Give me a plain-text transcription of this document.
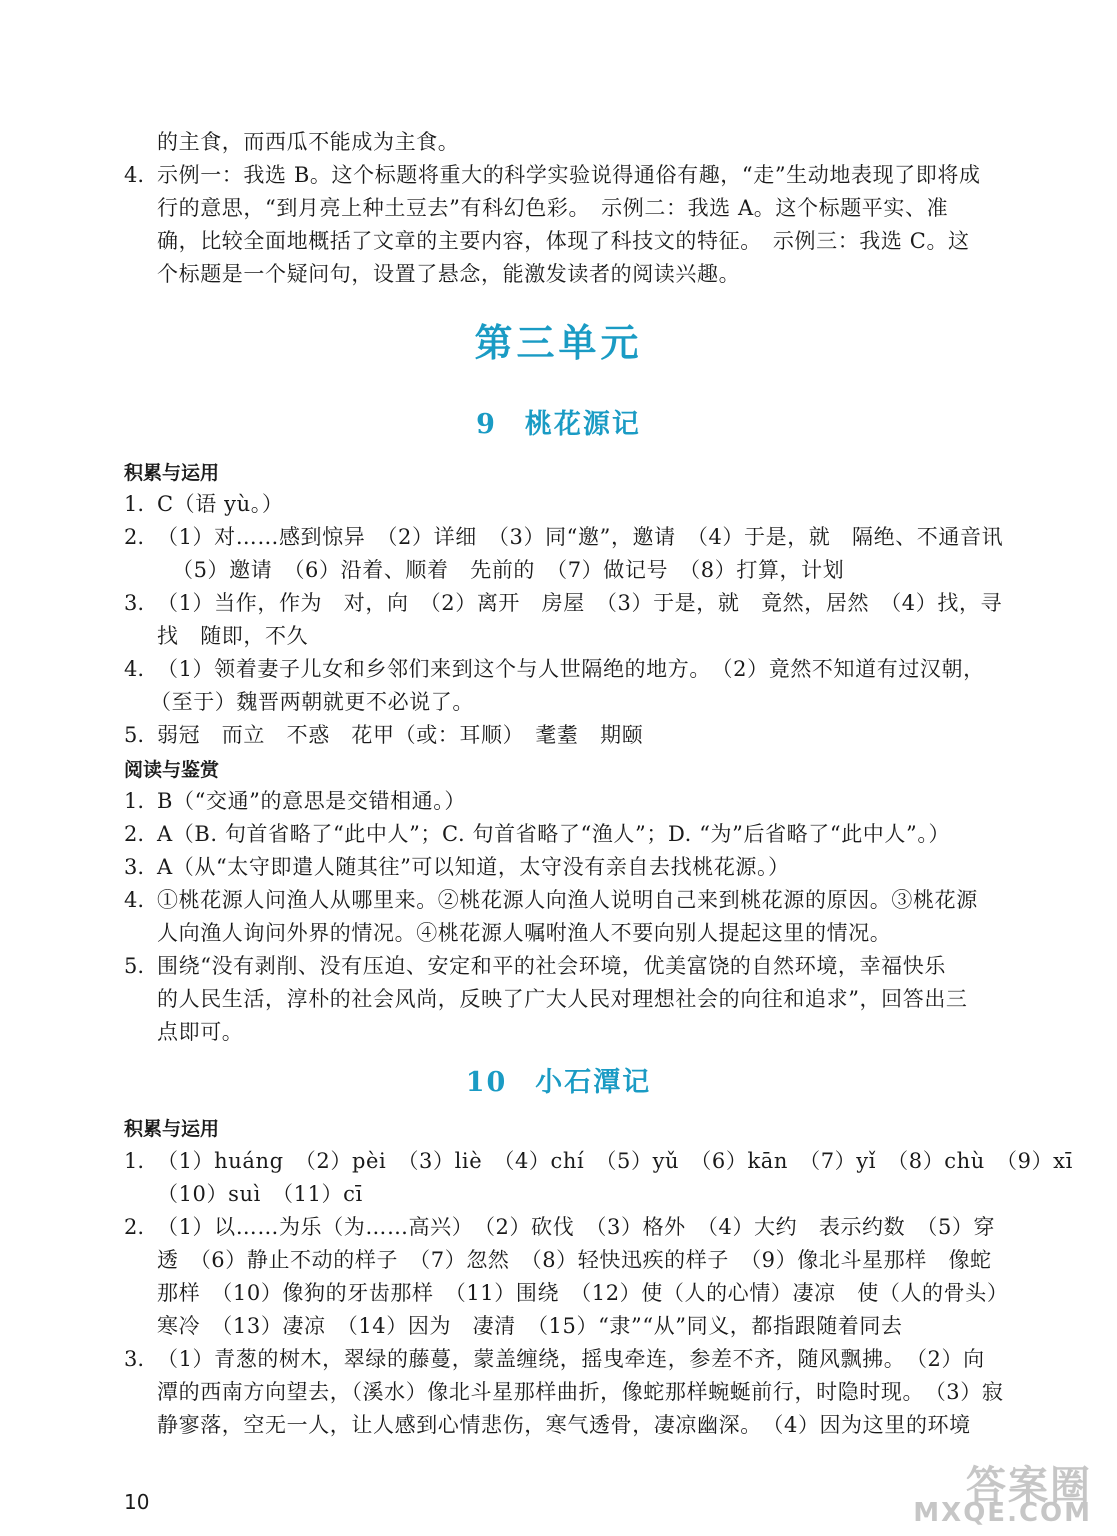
的主食，而西瓜不能成为主食。
4. 示例一：我选 B。这个标题将重大的科学实验说得通俗有趣，“走”生动地表现了即将成
行的意思，“到月亮上种土豆去”有科幻色彩。　示例二：我选 A。这个标题平实、准
确，比较全面地概括了文章的主要内容，体现了科技文的特征。　示例三：我选 C。这
个标题是一个疑问句，设置了悬念，能激发读者的阅读兴趣。
第三单元
9 桃花源记
积累与运用
1. C（语 yù。）
2. （1）对……感到惊异　（2）详细　（3）同“邀”，邀请　（4）于是，就　隔绝、不通音讯
（5）邀请　（6）沿着、顺着　先前的　（7）做记号　（8）打算，计划
3. （1）当作，作为　对，向　（2）离开　房屋　（3）于是，就　竟然，居然　（4）找，寻
找　随即，不久
4. （1）领着妻子儿女和乡邻们来到这个与人世隔绝的地方。　（2）竟然不知道有过汉朝，
（至于）魏晋两朝就更不必说了。
5. 弱冠　而立　不惑　花甲（或：耳顺）　耄耋　期颐
阅读与鉴赏
1. B（“交通”的意思是交错相通。）
2. A（B. 句首省略了“此中人”；C. 句首省略了“渔人”；D. “为”后省略了“此中人”。）
3. A（从“太守即遣人随其往”可以知道，太守没有亲自去找桃花源。）
4. ①桃花源人问渔人从哪里来。②桃花源人向渔人说明自己来到桃花源的原因。③桃花源
人向渔人询问外界的情况。④桃花源人嘱咐渔人不要向别人提起这里的情况。
5. 围绕“没有剥削、没有压迫、安定和平的社会环境，优美富饶的自然环境，幸福快乐
的人民生活，淳朴的社会风尚，反映了广大人民对理想社会的向往和追求”，回答出三
点即可。
10 小石潭记
积累与运用
1. （1）huáng　（2）pèi　（3）liè　（4）chí　（5）yǔ　（6）kān　（7）yǐ　（8）chù　（9）xī
（10）suì　（11）cī
2. （1）以……为乐（为……高兴）　（2）砍伐　（3）格外　（4）大约　表示约数　（5）穿
透　（6）静止不动的样子　（7）忽然　（8）轻快迅疾的样子　（9）像北斗星那样　像蛇
那样　（10）像狗的牙齿那样　（11）围绕　（12）使（人的心情）凄凉　使（人的骨头）
寒冷　（13）凄凉　（14）因为　凄清　（15）“隶”“从”同义，都指跟随着同去
3. （1）青葱的树木，翠绿的藤蔓，蒙盖缠绕，摇曳牵连，参差不齐，随风飘拂。　（2）向
潭的西南方向望去，（溪水）像北斗星那样曲折，像蛇那样蜿蜒前行，时隐时现。　（3）寂
静寥落，空无一人，让人感到心情悲伤，寒气透骨，凄凉幽深。　（4）因为这里的环境
10	答案圈
MXQE.COM
